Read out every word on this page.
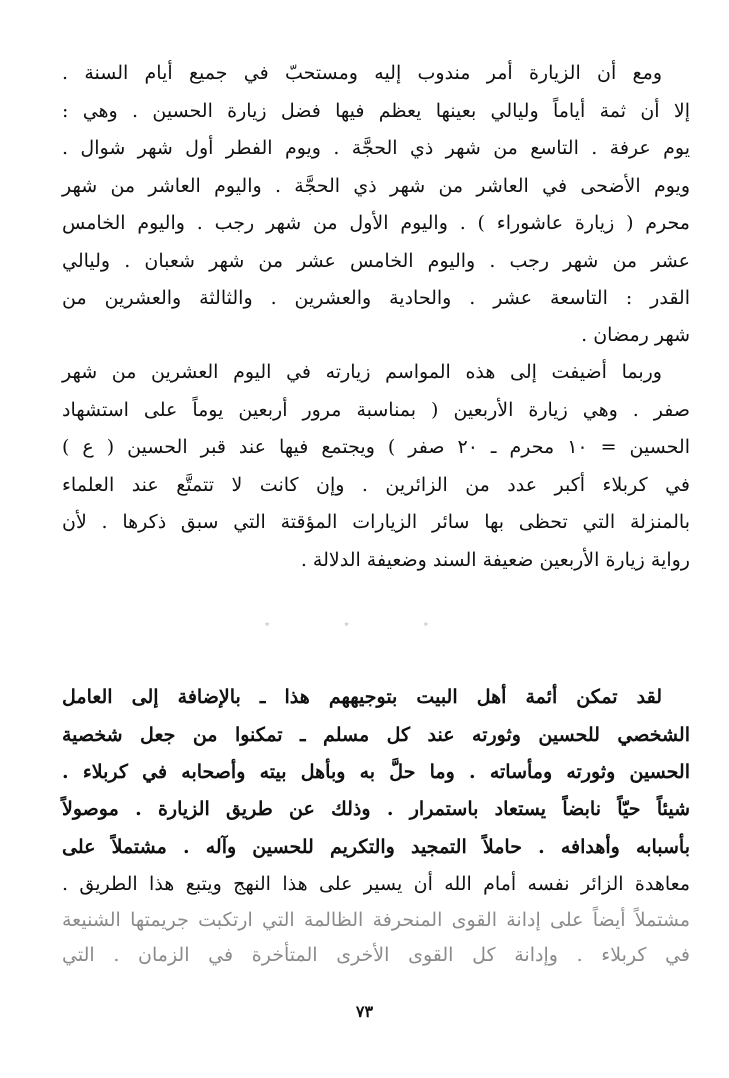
ومع أن الزيارة أمر مندوب إليه ومستحبّ في جميع أيام السنة .
إلا أن ثمة أياماً وليالي بعينها يعظم فيها فضل زيارة الحسين . وهي :
يوم عرفة . التاسع من شهر ذي الحجَّة . ويوم الفطر أول شهر شوال .
ويوم الأضحى في العاشر من شهر ذي الحجَّة . واليوم العاشر من شهر
محرم ( زيارة عاشوراء ) . واليوم الأول من شهر رجب . واليوم الخامس
عشر من شهر رجب . واليوم الخامس عشر من شهر شعبان . وليالي
القدر : التاسعة عشر . والحادية والعشرين . والثالثة والعشرين من
شهر رمضان .
وربما أضيفت إلى هذه المواسم زيارته في اليوم العشرين من شهر
صفر . وهي زيارة الأربعين ( بمناسبة مرور أربعين يوماً على استشهاد
الحسين = ١٠ محرم ـ ٢٠ صفر ) ويجتمع فيها عند قبر الحسين ( ع )
في كربلاء أكبر عدد من الزائرين . وإن كانت لا تتمتَّع عند العلماء
بالمنزلة التي تحظى بها سائر الزيارات المؤقتة التي سبق ذكرها . لأن
رواية زيارة الأربعين ضعيفة السند وضعيفة الدلالة .
* * *
لقد تمكن أئمة أهل البيت بتوجيههم هذا ـ بالإضافة إلى العامل
الشخصي للحسين وثورته عند كل مسلم ـ تمكنوا من جعل شخصية
الحسين وثورته ومأساته . وما حلَّ به وبأهل بيته وأصحابه في كربلاء .
شيئاً حيّاً نابضاً يستعاد باستمرار . وذلك عن طريق الزيارة . موصولاً
بأسبابه وأهدافه . حاملاً التمجيد والتكريم للحسين وآله . مشتملاً على
معاهدة الزائر نفسه أمام الله أن يسير على هذا النهج ويتبع هذا الطريق .
مشتملاً أيضاً على إدانة القوى المنحرفة الظالمة التي ارتكبت جريمتها الشنيعة
في كربلاء . وإدانة كل القوى الأخرى المتأخرة في الزمان . التي
٧٣
